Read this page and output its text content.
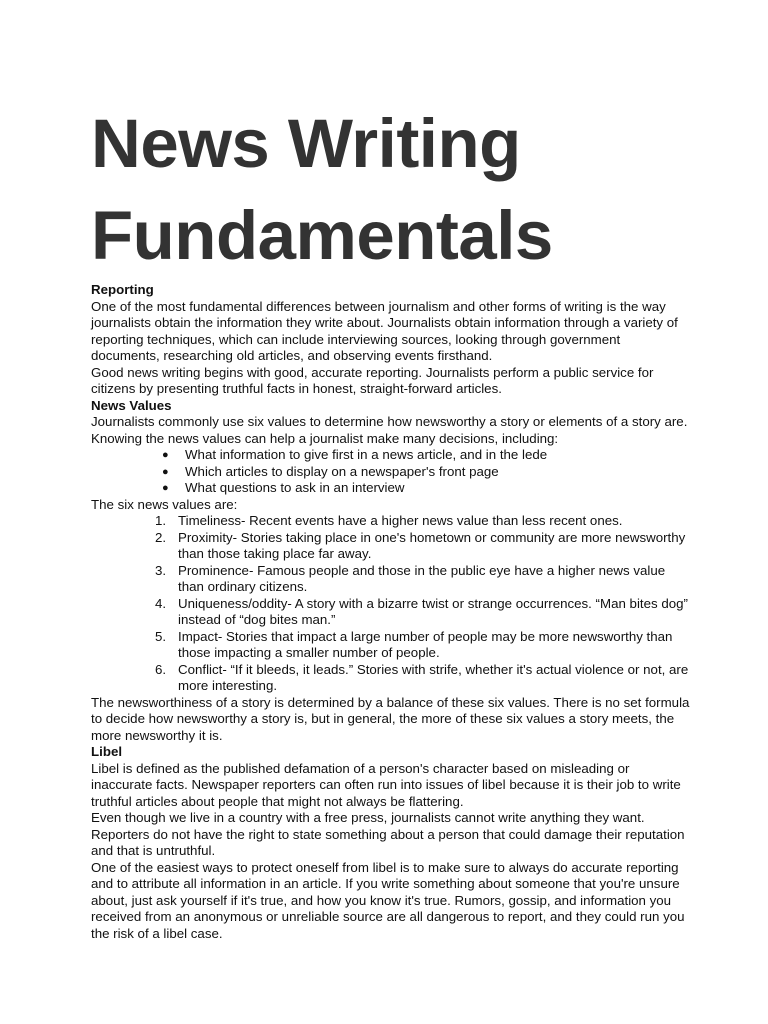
News Writing Fundamentals
Reporting

One of the most fundamental differences between journalism and other forms of writing is the way journalists obtain the information they write about. Journalists obtain information through a variety of reporting techniques, which can include interviewing sources, looking through government documents, researching old articles, and observing events firsthand.

Good news writing begins with good, accurate reporting. Journalists perform a public service for citizens by presenting truthful facts in honest, straight-forward articles.

News Values

Journalists commonly use six values to determine how newsworthy a story or elements of a story are. Knowing the news values can help a journalist make many decisions, including:

● What information to give first in a news article, and in the lede
● Which articles to display on a newspaper's front page
● What questions to ask in an interview

The six news values are:

1. Timeliness- Recent events have a higher news value than less recent ones.
2. Proximity- Stories taking place in one's hometown or community are more newsworthy than those taking place far away.
3. Prominence- Famous people and those in the public eye have a higher news value than ordinary citizens.
4. Uniqueness/oddity- A story with a bizarre twist or strange occurrences. “Man bites dog” instead of “dog bites man.”
5. Impact- Stories that impact a large number of people may be more newsworthy than those impacting a smaller number of people.
6. Conflict- “If it bleeds, it leads.” Stories with strife, whether it's actual violence or not, are more interesting.

The newsworthiness of a story is determined by a balance of these six values. There is no set formula to decide how newsworthy a story is, but in general, the more of these six values a story meets, the more newsworthy it is.

Libel

Libel is defined as the published defamation of a person's character based on misleading or inaccurate facts. Newspaper reporters can often run into issues of libel because it is their job to write truthful articles about people that might not always be flattering.

Even though we live in a country with a free press, journalists cannot write anything they want. Reporters do not have the right to state something about a person that could damage their reputation and that is untruthful.

One of the easiest ways to protect oneself from libel is to make sure to always do accurate reporting and to attribute all information in an article. If you write something about someone that you're unsure about, just ask yourself if it's true, and how you know it's true. Rumors, gossip, and information you received from an anonymous or unreliable source are all dangerous to report, and they could run you the risk of a libel case.
